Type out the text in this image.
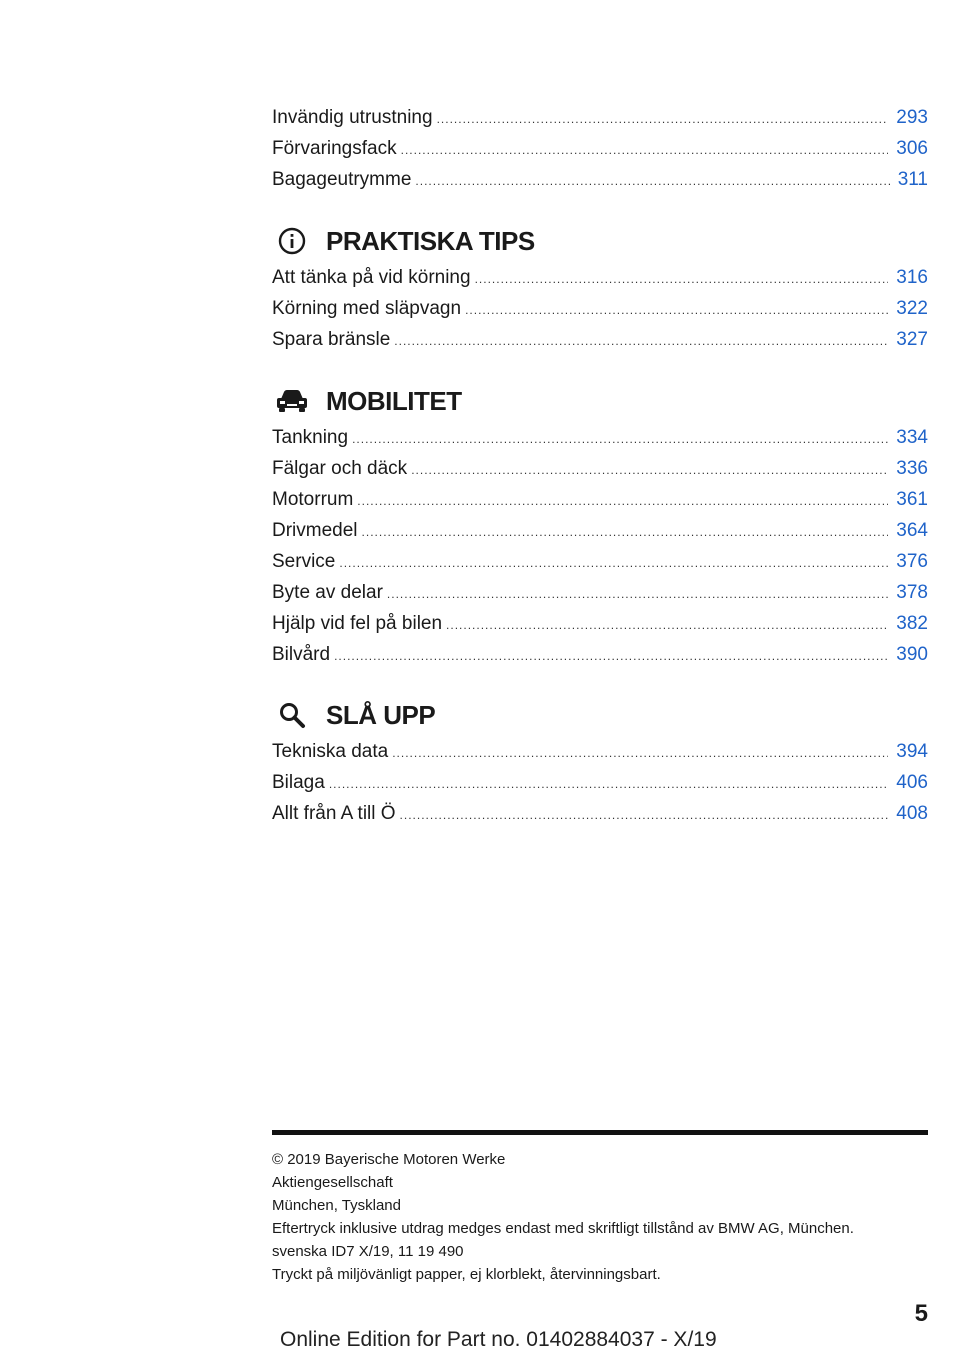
Invändig utrustning .....	293
Förvaringsfack .....	306
Bagageutrymme .....	311
PRAKTISKA TIPS
Att tänka på vid körning .....	316
Körning med släpvagn .....	322
Spara bränsle .....	327
MOBILITET
Tankning .....	334
Fälgar och däck .....	336
Motorrum .....	361
Drivmedel .....	364
Service .....	376
Byte av delar .....	378
Hjälp vid fel på bilen .....	382
Bilvård .....	390
SLÅ UPP
Tekniska data .....	394
Bilaga .....	406
Allt från A till Ö .....	408
© 2019 Bayerische Motoren Werke
Aktiengesellschaft
München, Tyskland
Eftertryck inklusive utdrag medges endast med skriftligt tillstånd av BMW AG, München.
svenska ID7 X/19, 11 19 490
Tryckt på miljövänligt papper, ej klorblekt, återvinningsbart.
5
Online Edition for Part no. 01402884037 - X/19
